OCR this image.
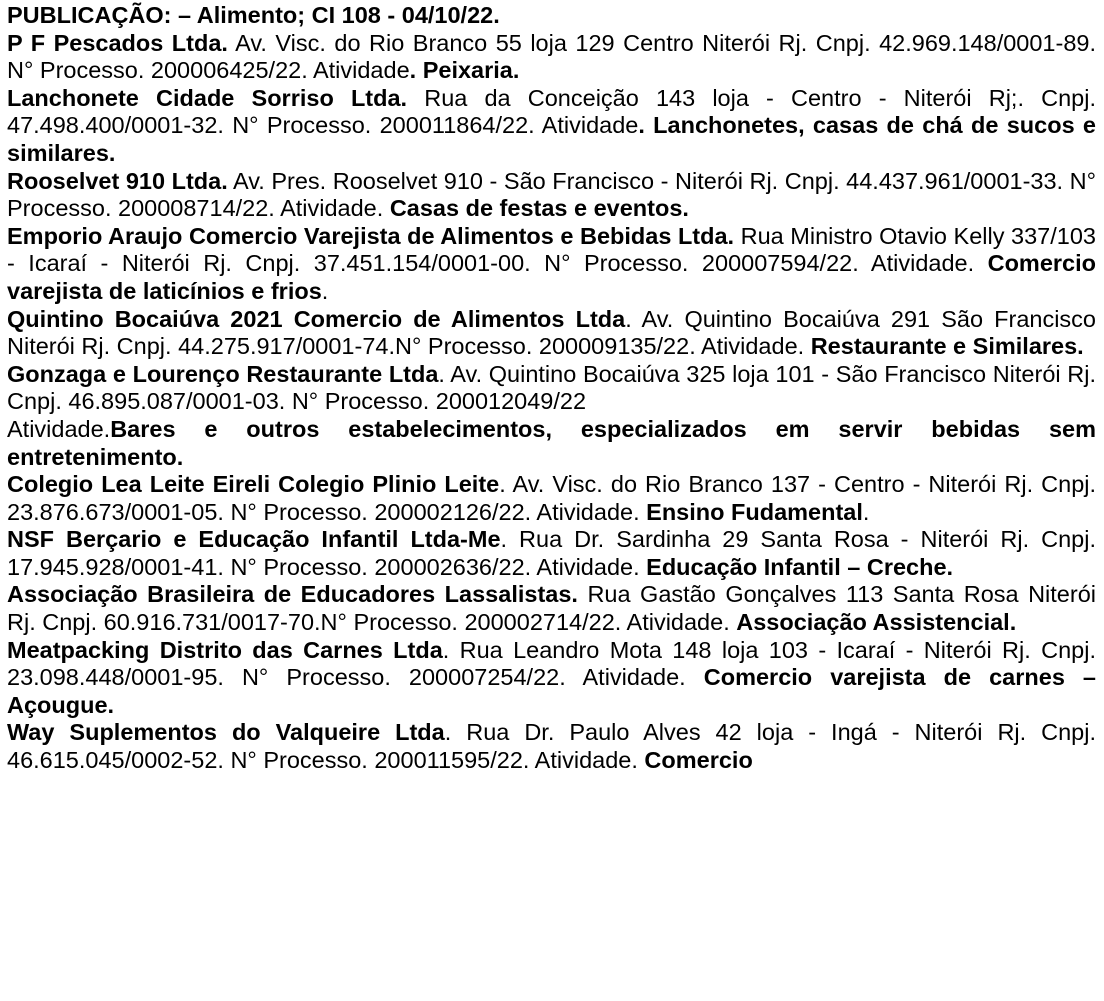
PUBLICAÇÃO: – Alimento; CI 108 - 04/10/22.

P F Pescados Ltda. Av. Visc. do Rio Branco 55 loja 129 Centro Niterói Rj. Cnpj. 42.969.148/0001-89. N° Processo. 200006425/22. Atividade. Peixaria.

Lanchonete Cidade Sorriso Ltda. Rua da Conceição 143 loja - Centro - Niterói Rj;. Cnpj. 47.498.400/0001-32. N° Processo. 200011864/22. Atividade. Lanchonetes, casas de chá de sucos e similares.

Rooselvet 910 Ltda. Av. Pres. Rooselvet 910 - São Francisco - Niterói Rj. Cnpj. 44.437.961/0001-33. N° Processo. 200008714/22. Atividade. Casas de festas e eventos.

Emporio Araujo Comercio Varejista de Alimentos e Bebidas Ltda. Rua Ministro Otavio Kelly 337/103 - Icaraí - Niterói Rj. Cnpj. 37.451.154/0001-00. N° Processo. 200007594/22. Atividade. Comercio varejista de laticínios e frios.

Quintino Bocaiúva 2021 Comercio de Alimentos Ltda. Av. Quintino Bocaiúva 291 São Francisco Niterói Rj. Cnpj. 44.275.917/0001-74.N° Processo. 200009135/22. Atividade. Restaurante e Similares.

Gonzaga e Lourenço Restaurante Ltda. Av. Quintino Bocaiúva 325 loja 101 - São Francisco Niterói Rj. Cnpj. 46.895.087/0001-03. N° Processo. 200012049/22

Atividade.Bares e outros estabelecimentos, especializados em servir bebidas sem entretenimento.

Colegio Lea Leite Eireli Colegio Plinio Leite. Av. Visc. do Rio Branco 137 - Centro - Niterói Rj. Cnpj. 23.876.673/0001-05. N° Processo. 200002126/22. Atividade. Ensino Fudamental.

NSF Berçario e Educação Infantil Ltda-Me. Rua Dr. Sardinha 29 Santa Rosa - Niterói Rj. Cnpj. 17.945.928/0001-41. N° Processo. 200002636/22. Atividade. Educação Infantil – Creche.

Associação Brasileira de Educadores Lassalistas. Rua Gastão Gonçalves 113 Santa Rosa Niterói Rj. Cnpj. 60.916.731/0017-70.N° Processo. 200002714/22. Atividade. Associação Assistencial.

Meatpacking Distrito das Carnes Ltda. Rua Leandro Mota 148 loja 103 - Icaraí - Niterói Rj. Cnpj. 23.098.448/0001-95. N° Processo. 200007254/22. Atividade. Comercio varejista de carnes – Açougue.

Way Suplementos do Valqueire Ltda. Rua Dr. Paulo Alves 42 loja - Ingá - Niterói Rj. Cnpj. 46.615.045/0002-52. N° Processo. 200011595/22. Atividade. Comercio
